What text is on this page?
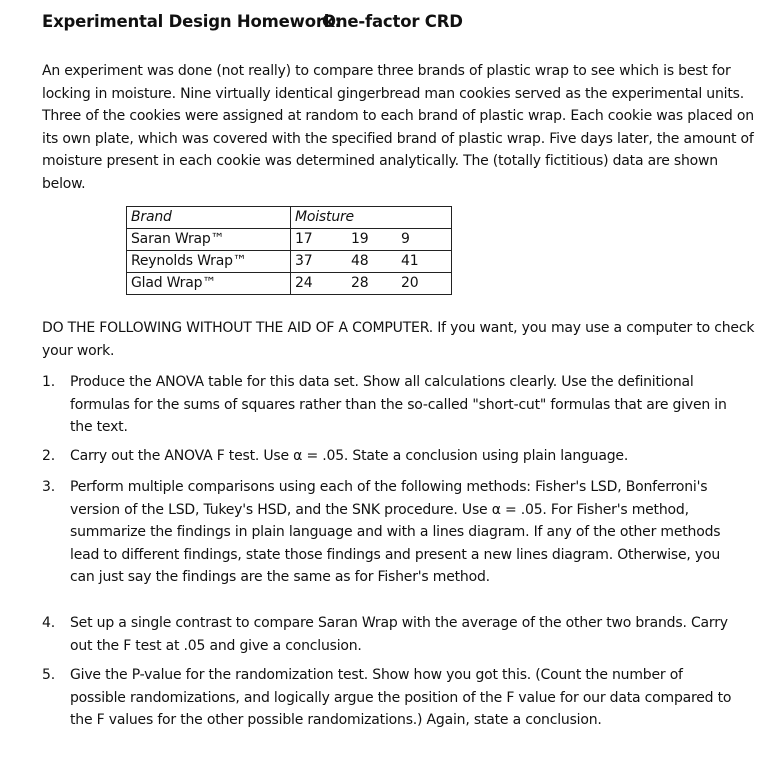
Experimental Design Homework:One-factor CRD
An experiment was done (not really) to compare three brands of plastic wrap to see which is best for locking in moisture. Nine virtually identical gingerbread man cookies served as the experimental units. Three of the cookies were assigned at random to each brand of plastic wrap. Each cookie was placed on its own plate, which was covered with the specified brand of plastic wrap. Five days later, the amount of moisture present in each cookie was determined analytically. The (totally fictitious) data are shown below.
Brand	Moisture
Saran Wrap™	17 19 9

Reynolds Wrap™	37 48 41

Glad Wrap™	24 28 20
DO THE FOLLOWING WITHOUT THE AID OF A COMPUTER. If you want, you may use a computer to check your work.
1.	Produce the ANOVA table for this data set. Show all calculations clearly. Use the definitional formulas for the sums of squares rather than the so-called "short-cut" formulas that are given in the text.
2.	Carry out the ANOVA F test. Use α = .05. State a conclusion using plain language.
3.	Perform multiple comparisons using each of the following methods: Fisher's LSD, Bonferroni's version of the LSD, Tukey's HSD, and the SNK procedure. Use α = .05. For Fisher's method, summarize the findings in plain language and with a lines diagram. If any of the other methods lead to different findings, state those findings and present a new lines diagram. Otherwise, you can just say the findings are the same as for Fisher's method.
4.	Set up a single contrast to compare Saran Wrap with the average of the other two brands. Carry out the F test at .05 and give a conclusion.
5.	Give the P-value for the randomization test. Show how you got this. (Count the number of possible randomizations, and logically argue the position of the F value for our data compared to the F values for the other possible randomizations.) Again, state a conclusion.
